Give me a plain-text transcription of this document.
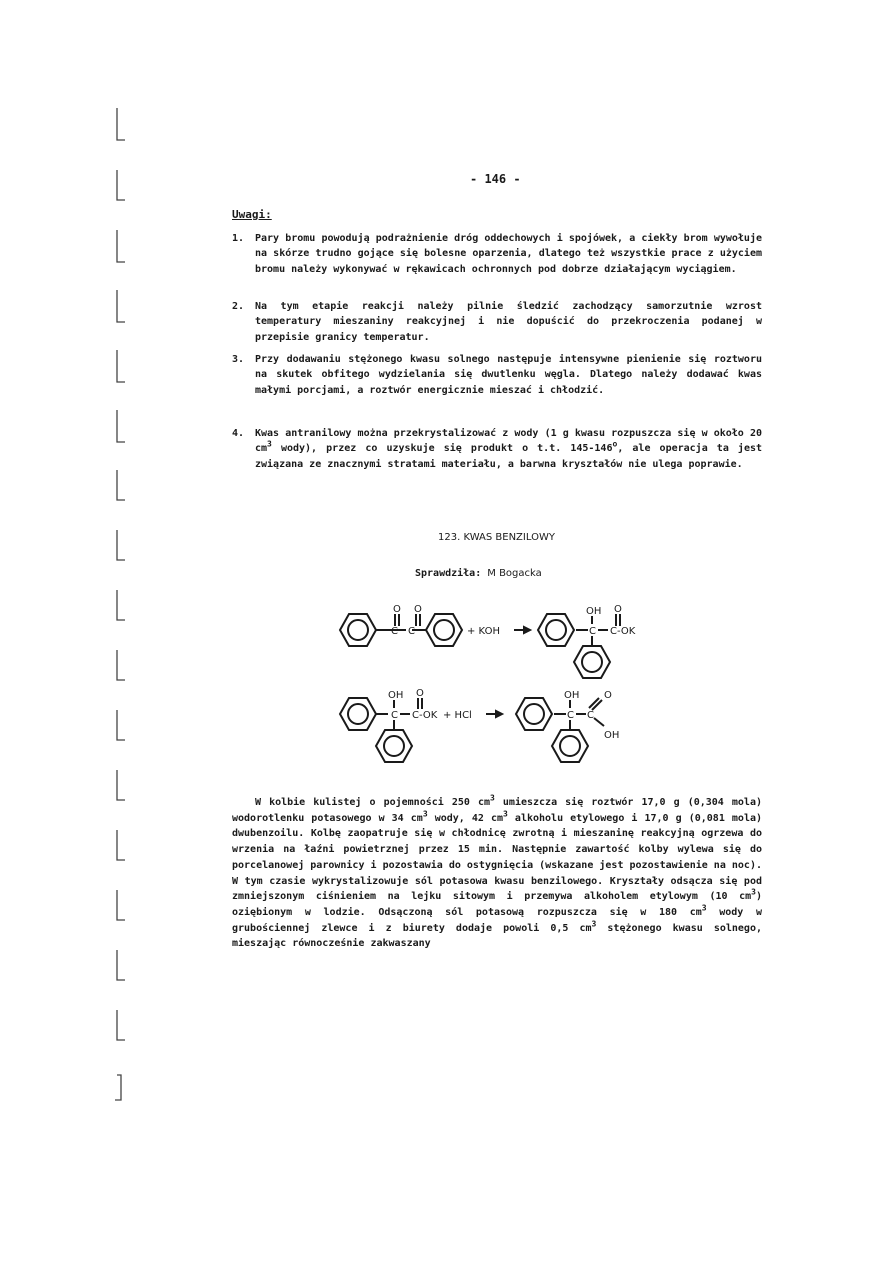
- 146 -
Uwagi:
1. Pary bromu powodują podrażnienie dróg oddechowych i spojówek, a ciekły brom wywołuje na skórze trudno gojące się bolesne oparzenia, dlatego też wszystkie prace z użyciem bromu należy wykonywać w rękawicach ochronnych pod dobrze działającym wyciągiem.
2. Na tym etapie reakcji należy pilnie śledzić zachodzący samorzutnie wzrost temperatury mieszaniny reakcyjnej i nie dopuścić do przekroczenia podanej w przepisie granicy temperatur.
3. Przy dodawaniu stężonego kwasu solnego następuje intensywne pienienie się roztworu na skutek obfitego wydzielania się dwutlenku węgla. Dlatego należy dodawać kwas małymi porcjami, a roztwór energicznie mieszać i chłodzić.
4. Kwas antranilowy można przekrystalizować z wody (1 g kwasu rozpuszcza się w około 20 $cm^3$ wody), przez co uzyskuje się produkt o t.t. 145-146$^o$, ale operacja ta jest związana ze znacznymi stratami materiału, a barwna kryształów nie ulega poprawie.
123. KWAS BENZILOWY
Sprawdziła: M Bogacka
O O
C C	+ KOH
OH O
C C-OK
OH O
C C-OK + HCl
OH O
C C
OH
W kolbie kulistej o pojemności 250 $cm^3$ umieszcza się roztwór 17,0 g (0,304 mola) wodorotlenku potasowego w 34 $cm^3$ wody, 42 $cm^3$ alkoholu etylowego i 17,0 g (0,081 mola) dwubenzoilu. Kolbę zaopatruje się w chłodnicę zwrotną i mieszaninę reakcyjną ogrzewa do wrzenia na łaźni powietrznej przez 15 min. Następnie zawartość kolby wylewa się do porcelanowej parownicy i pozostawia do ostygnięcia (wskazane jest pozostawienie na noc). W tym czasie wykrystalizowuje sól potasowa kwasu benzilowego. Kryształy odsącza się pod zmniejszonym ciśnieniem na lejku sitowym i przemywa alkoholem etylowym (10 $cm^3$) oziębionym w lodzie. Odsączoną sól potasową rozpuszcza się w 180 $cm^3$ wody w grubościennej zlewce i z biurety dodaje powoli 0,5 $cm^3$ stężonego kwasu solnego, mieszając równocześnie zakwaszany
